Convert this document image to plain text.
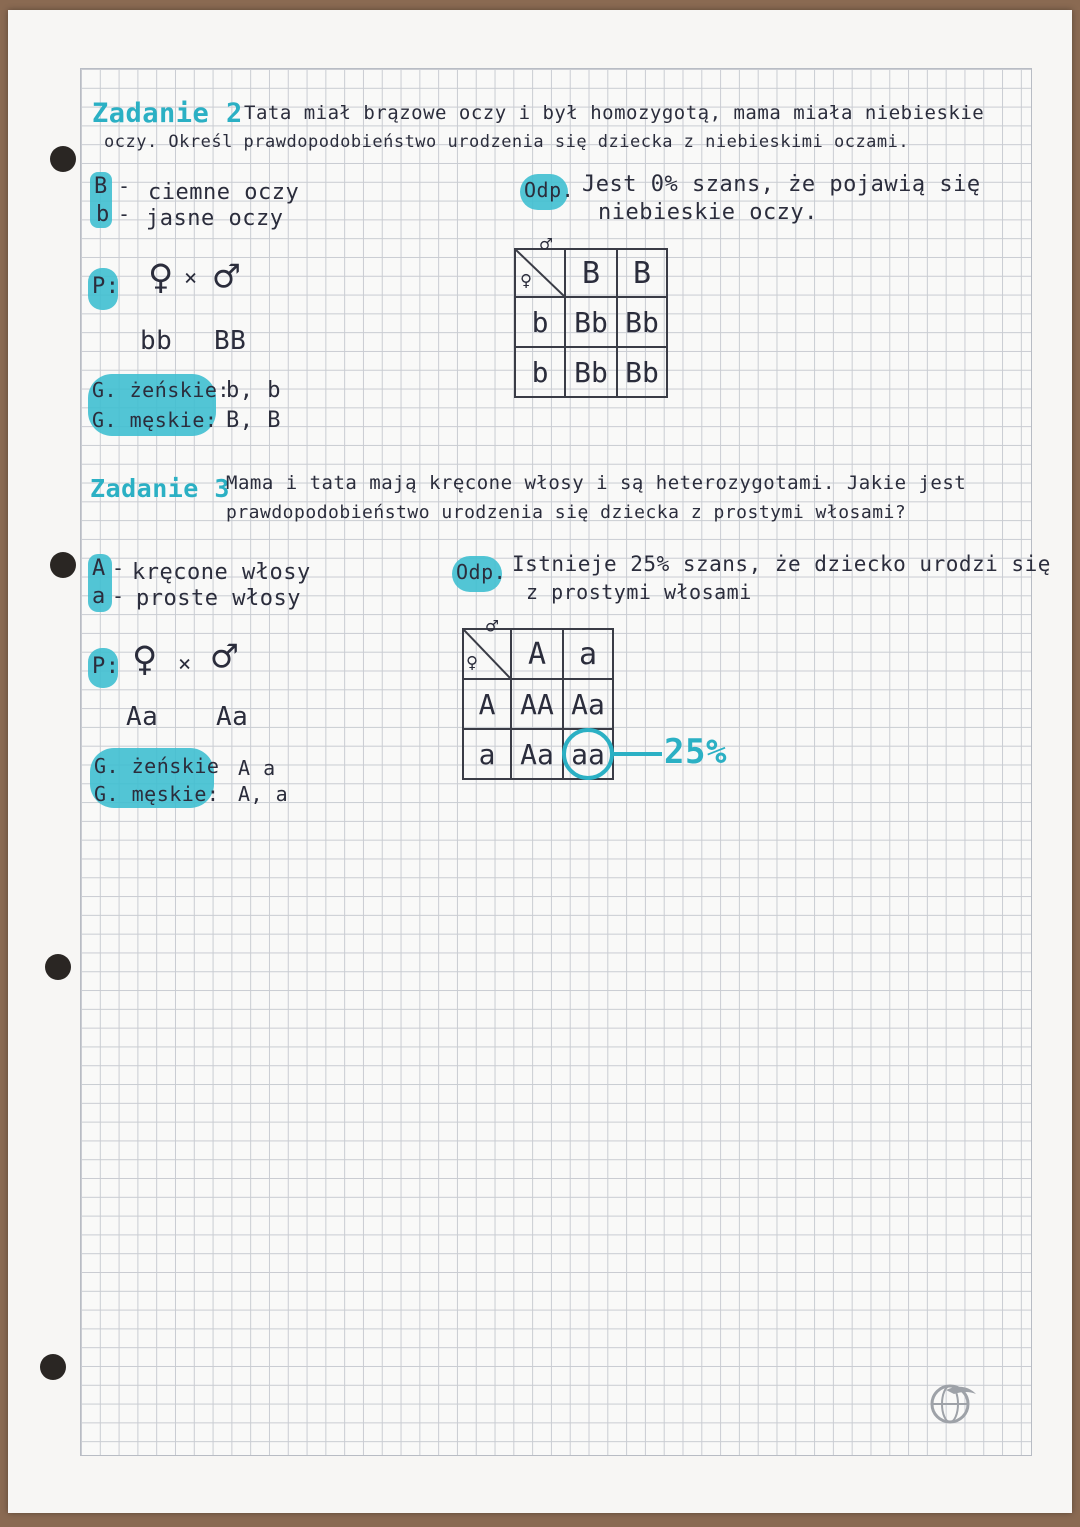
Zadanie 2 Tata miał brązowe oczy i był homozygotą, mama miała niebieskie
oczy. Określ prawdopodobieństwo urodzenia się dziecka z niebieskimi oczami.
B - ciemne oczy
b - jasne oczy
P: ♀ × ♂
bb BB
G. żeńskie:
b, b
G. męskie: B, B
Odp. Jest 0% szans, że pojawią się
niebieskie oczy.
♀
♂	B	B
b	Bb	Bb
b	Bb	Bb
Zadanie 3
Mama i tata mają kręcone włosy i są heterozygotami. Jakie jest
prawdopodobieństwo urodzenia się dziecka z prostymi włosami?
A - kręcone włosy
a - proste włosy
P: ♀ × ♂
Aa Aa
G. żeńskie A a
G. męskie: A, a
Odp. Istnieje 25% szans, że dziecko urodzi się
z prostymi włosami
♀
♂	A	a
A	AA	Aa
a	Aa	aa 25%
